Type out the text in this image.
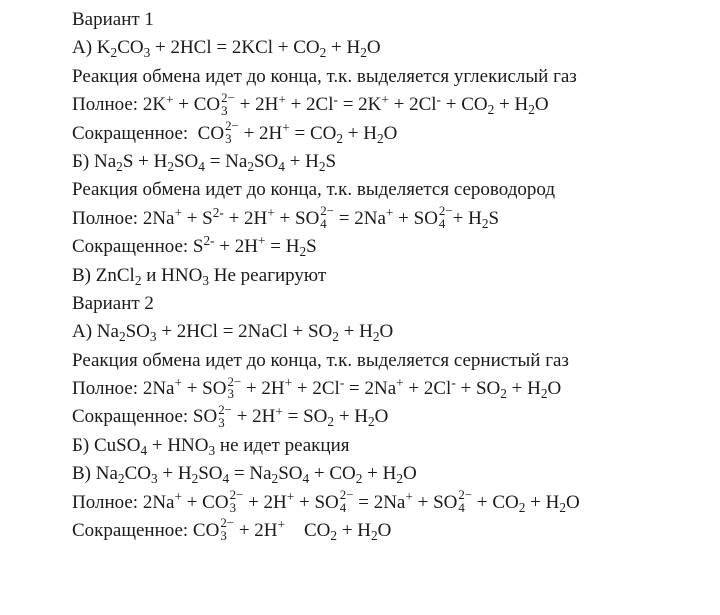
Вариант 1
А) $K_2CO_3 + 2HCl = 2KCl + CO_2 + H_2O$
Реакция обмена идет до конца, т.к. выделяется углекислый газ
Полное: 2K+ + CO 2−
$3 + 2H^+ + 2Cl^- = 2K^+ + 2Cl^- + CO_2 + H_2O$
Сокращенное:  CO 2−
$3 + 2H^+ = CO_2 + H_2O$
Б) $Na_2S + H_2SO_4 = Na_2SO_4 + H_2S$
Реакция обмена идет до конца, т.к. выделяется сероводород
Полное: $2Na^+ + S^{2-} + 2H^+$ + SO 2−
4 = 2Na+ + SO 2−
$4 + H_2S$
Сокращенное: $S^{2-} + 2H^+ = H_2S$
В) ZnCl$_2$ и $HNO_3$ Не реагируют
Вариант 2
А) $Na_2SO_3 + 2HCl$ = 2NaCl + $SO_2 + H_2O$
Реакция обмена идет до конца, т.к. выделяется сернистый газ
Полное: 2Na+ + SO 2−
$3 + 2H^+ + 2Cl^- = 2Na^+ + 2Cl^- + SO_2 + H_2O$
Сокращенное: SO 2−
$3 + 2H^+ = SO_2 + H_2O$
Б) CuSO$_4$ + $HNO_3$ не идет реакция
В) $Na_2CO_3 + H_2SO_4 = Na_2SO_4 + CO_2 + H_2O$
Полное: 2Na+ + CO 2−
3 + 2H+ + SO 2−
4 = 2Na+ + SO 2−
$4 + CO_2 + H_2O$
Сокращенное: CO 2−
3 + 2H+    $CO_2 + H_2O$
